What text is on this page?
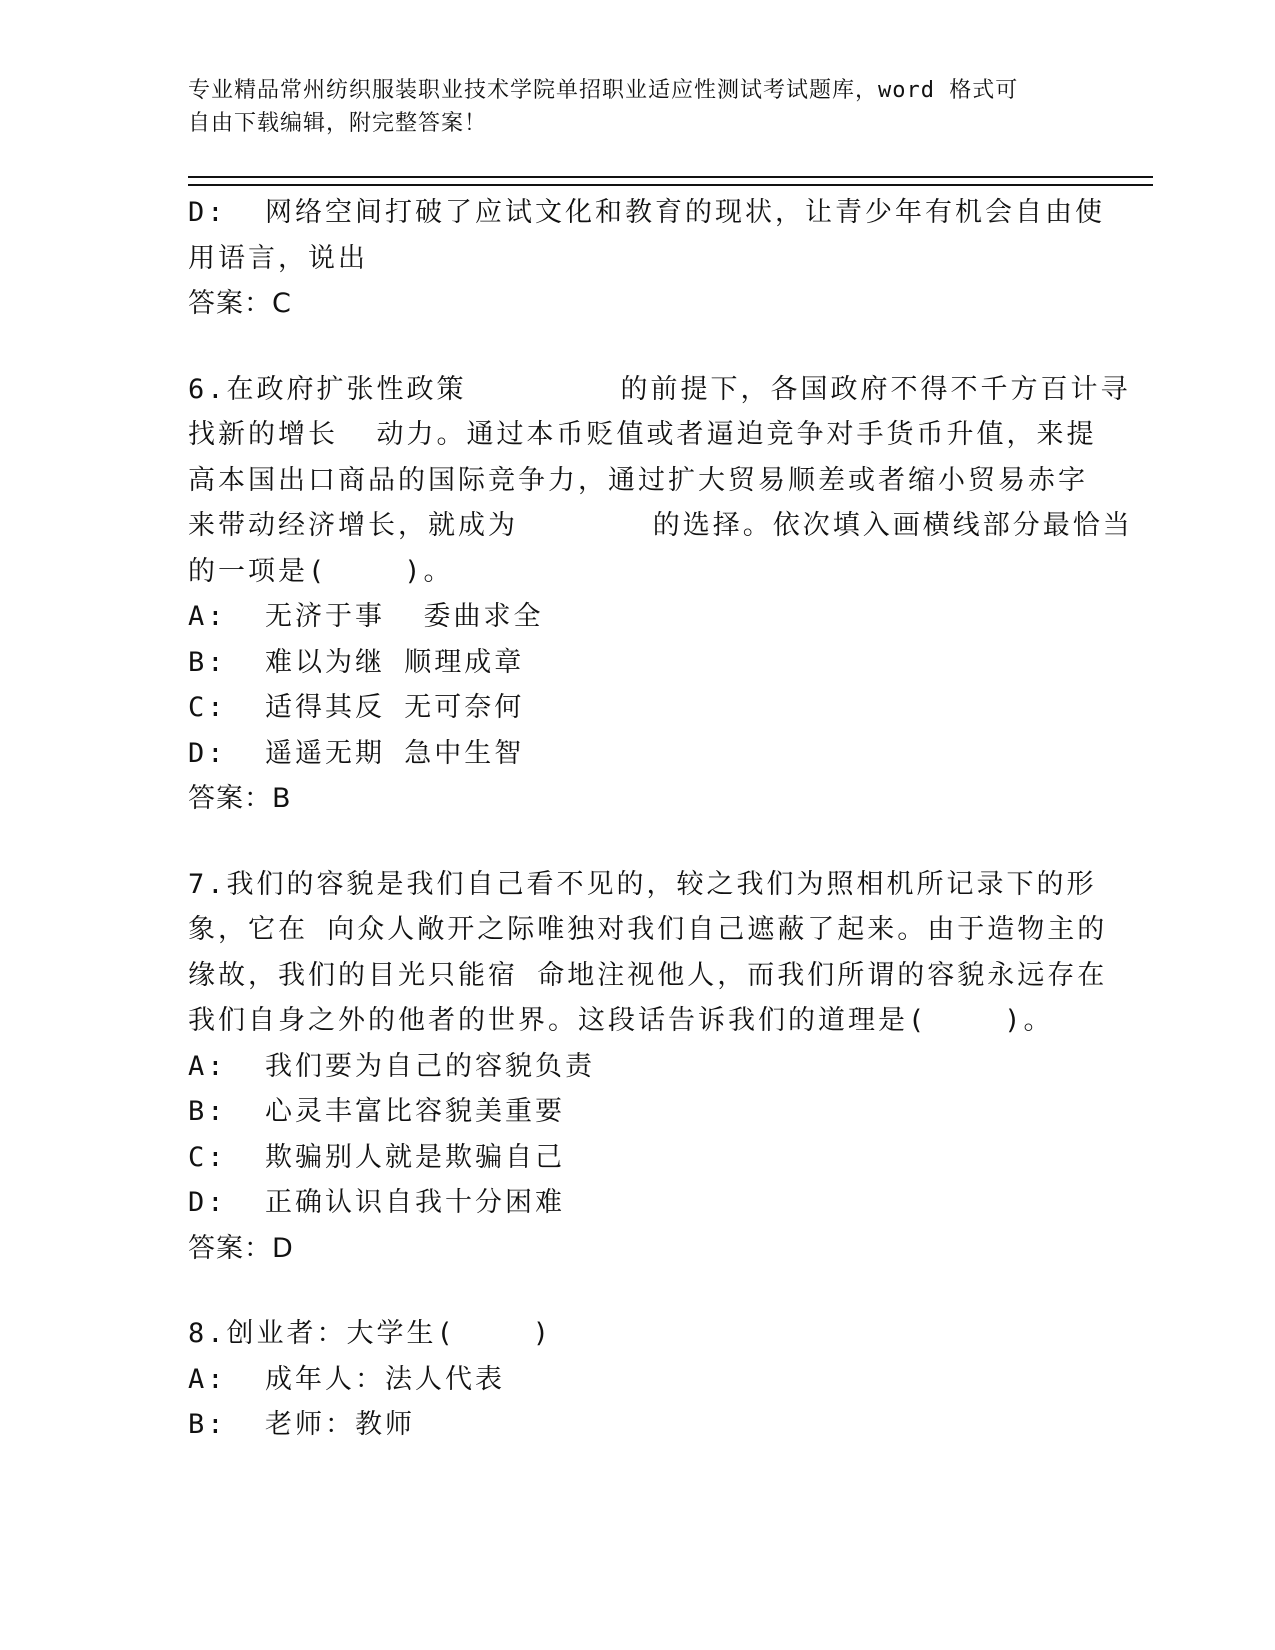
专业精品常州纺织服装职业技术学院单招职业适应性测试考试题库，word 格式可
自由下载编辑，附完整答案！
D:  网络空间打破了应试文化和教育的现状，让青少年有机会自由使
用语言，说出
答案：C
6.在政府扩张性政策        的前提下，各国政府不得不千方百计寻
找新的增长  动力。通过本币贬值或者逼迫竞争对手货币升值，来提
高本国出口商品的国际竞争力，通过扩大贸易顺差或者缩小贸易赤字
来带动经济增长，就成为       的选择。依次填入画横线部分最恰当
的一项是(    )。
A:  无济于事  委曲求全
B:  难以为继 顺理成章
C:  适得其反 无可奈何
D:  遥遥无期 急中生智
答案：B
7.我们的容貌是我们自己看不见的，较之我们为照相机所记录下的形
象，它在 向众人敞开之际唯独对我们自己遮蔽了起来。由于造物主的
缘故，我们的目光只能宿 命地注视他人，而我们所谓的容貌永远存在
我们自身之外的他者的世界。这段话告诉我们的道理是(    )。
A:  我们要为自己的容貌负责
B:  心灵丰富比容貌美重要
C:  欺骗别人就是欺骗自己
D:  正确认识自我十分困难
答案：D
8.创业者：大学生(    )
A:  成年人：法人代表
B:  老师：教师
